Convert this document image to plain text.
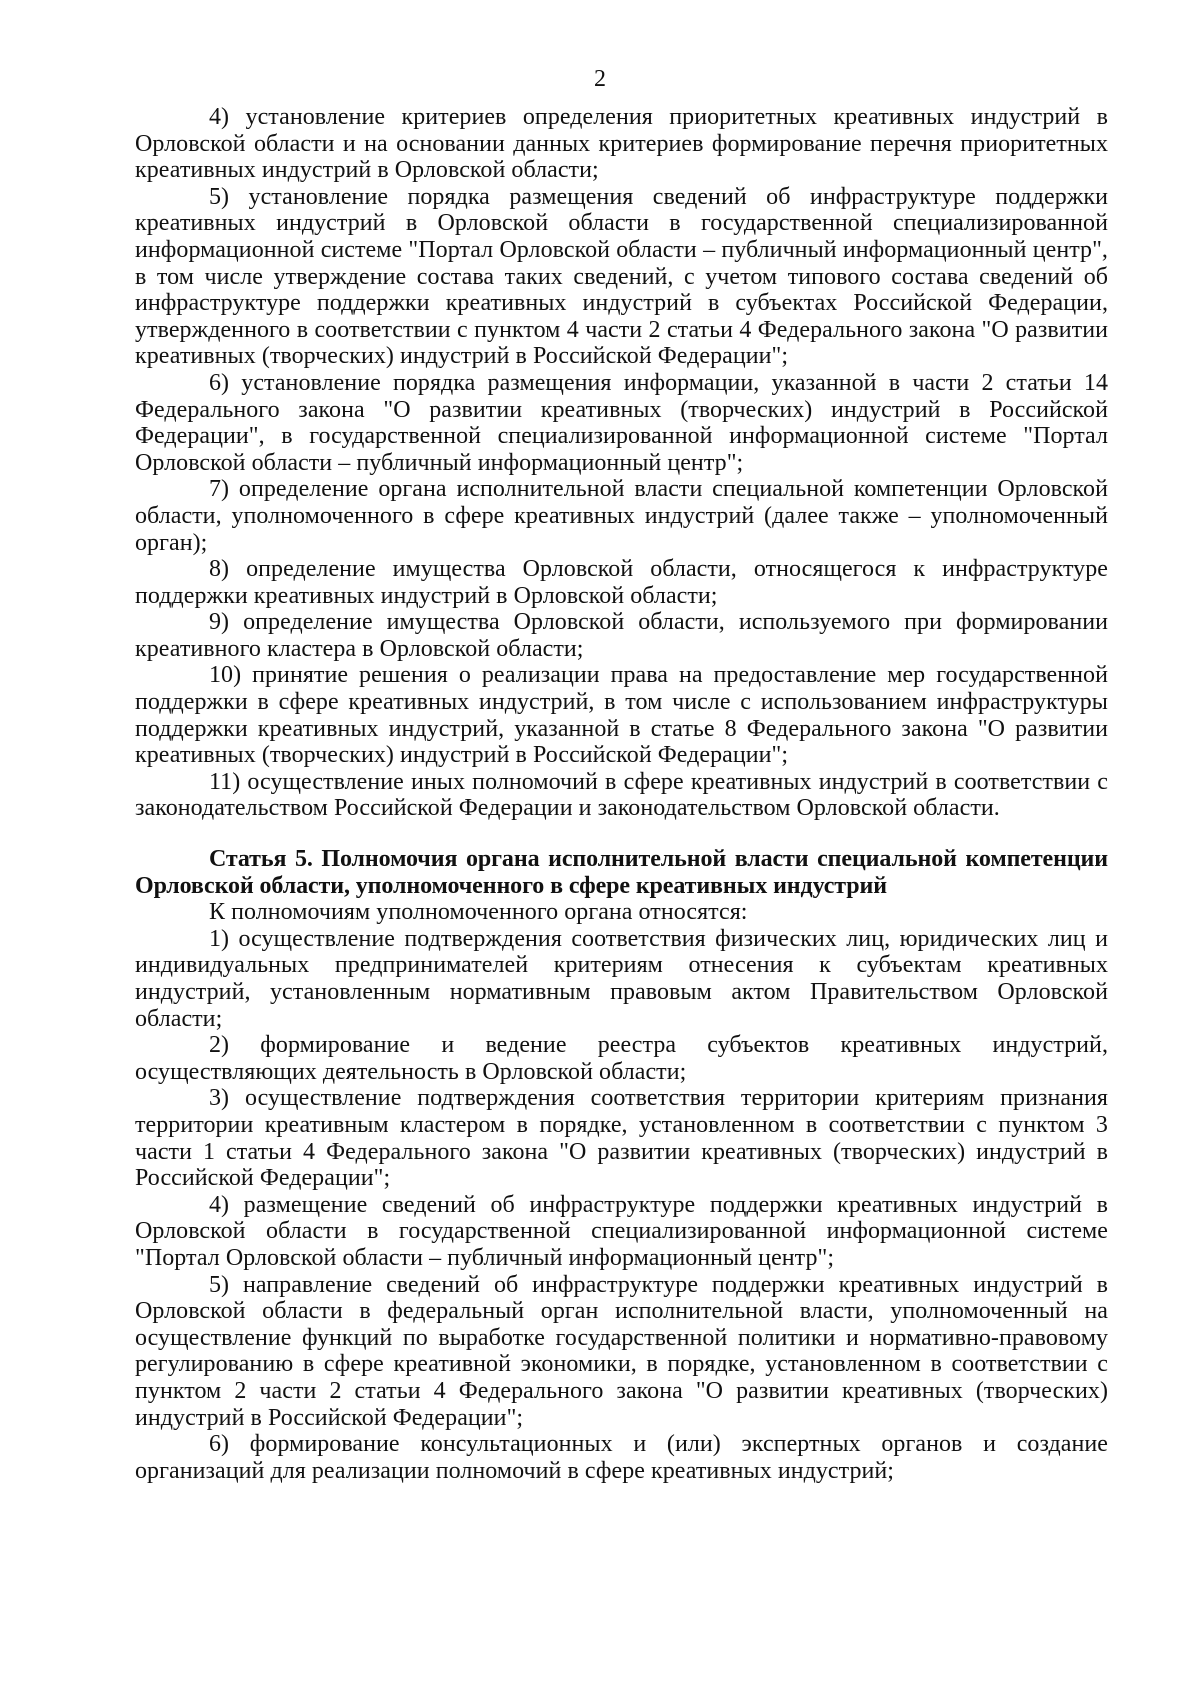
2

4) установление критериев определения приоритетных креативных индустрий в Орловской области и на основании данных критериев формирование перечня приоритетных креативных индустрий в Орловской области;

5) установление порядка размещения сведений об инфраструктуре поддержки креативных индустрий в Орловской области в государственной специализированной информационной системе "Портал Орловской области – публичный информационный центр", в том числе утверждение состава таких сведений, с учетом типового состава сведений об инфраструктуре поддержки креативных индустрий в субъектах Российской Федерации, утвержденного в соответствии с пунктом 4 части 2 статьи 4 Федерального закона "О развитии креативных (творческих) индустрий в Российской Федерации";

6) установление порядка размещения информации, указанной в части 2 статьи 14 Федерального закона "О развитии креативных (творческих) индустрий в Российской Федерации", в государственной специализированной информационной системе "Портал Орловской области – публичный информационный центр";

7) определение органа исполнительной власти специальной компетенции Орловской области, уполномоченного в сфере креативных индустрий (далее также – уполномоченный орган);

8) определение имущества Орловской области, относящегося к инфраструктуре поддержки креативных индустрий в Орловской области;

9) определение имущества Орловской области, используемого при формировании креативного кластера в Орловской области;

10) принятие решения о реализации права на предоставление мер государственной поддержки в сфере креативных индустрий, в том числе с использованием инфраструктуры поддержки креативных индустрий, указанной в статье 8 Федерального закона "О развитии креативных (творческих) индустрий в Российской Федерации";

11) осуществление иных полномочий в сфере креативных индустрий в соответствии с законодательством Российской Федерации и законодательством Орловской области.

Статья 5. Полномочия органа исполнительной власти специальной компетенции Орловской области, уполномоченного в сфере креативных индустрий

К полномочиям уполномоченного органа относятся:

1) осуществление подтверждения соответствия физических лиц, юридических лиц и индивидуальных предпринимателей критериям отнесения к субъектам креативных индустрий, установленным нормативным правовым актом Правительством Орловской области;

2) формирование и ведение реестра субъектов креативных индустрий, осуществляющих деятельность в Орловской области;

3) осуществление подтверждения соответствия территории критериям признания территории креативным кластером в порядке, установленном в соответствии с пунктом 3 части 1 статьи 4 Федерального закона "О развитии креативных (творческих) индустрий в Российской Федерации";

4) размещение сведений об инфраструктуре поддержки креативных индустрий в Орловской области в государственной специализированной информационной системе "Портал Орловской области – публичный информационный центр";

5) направление сведений об инфраструктуре поддержки креативных индустрий в Орловской области в федеральный орган исполнительной власти, уполномоченный на осуществление функций по выработке государственной политики и нормативно-правовому регулированию в сфере креативной экономики, в порядке, установленном в соответствии с пунктом 2 части 2 статьи 4 Федерального закона "О развитии креативных (творческих) индустрий в Российской Федерации";

6) формирование консультационных и (или) экспертных органов и создание организаций для реализации полномочий в сфере креативных индустрий;
